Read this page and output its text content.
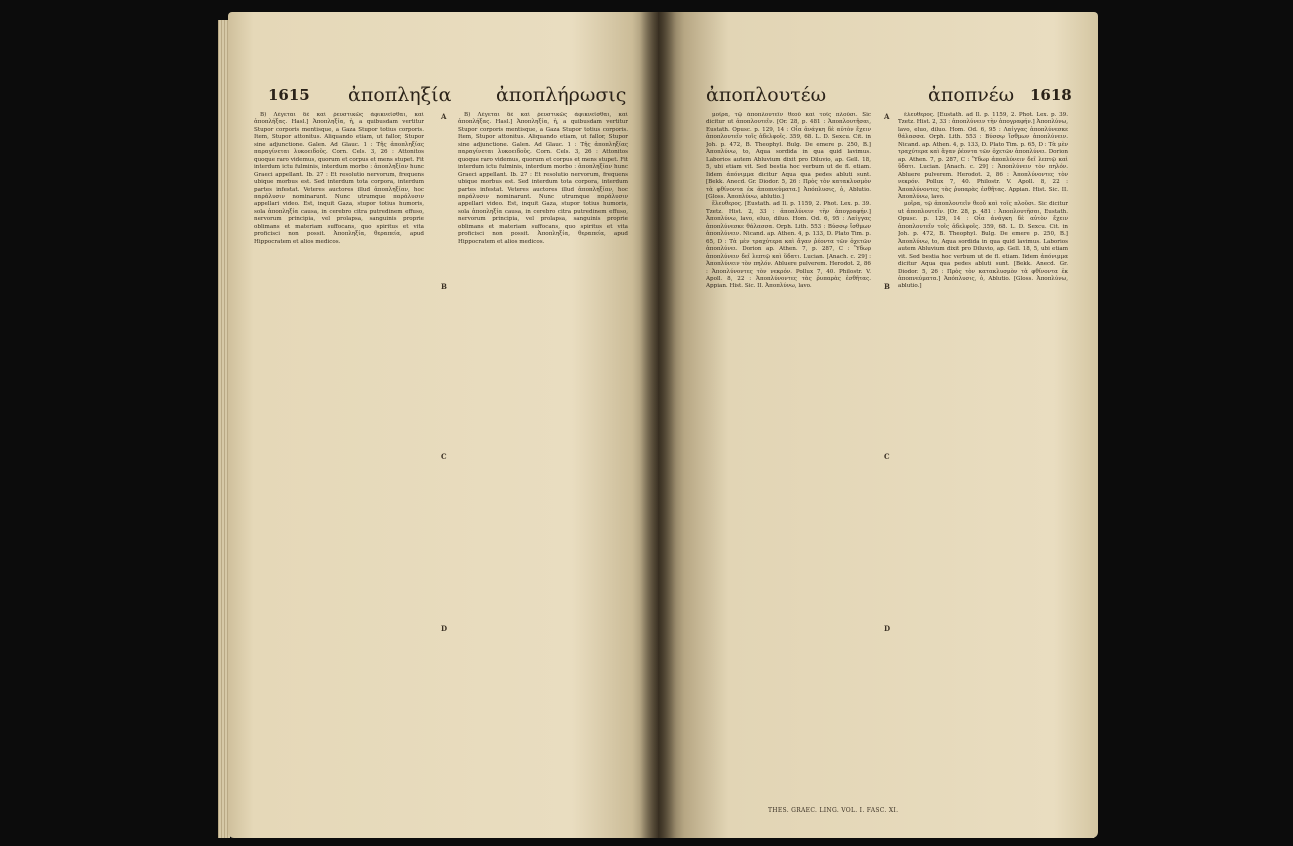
1615 ἀποπληξία ἀποπλήρωσις

Β) Λέγεται δὲ καὶ ῥευστικῶς ἀφικνεῖσθαι, καὶ ἀποπλήξας. Hasl.] Ἀποπληξία, ἡ, a quibusdam vertitur Stupor corporis mentisque, a Gaza Stupor totius corporis. Item, Stupor attonitus. Aliquando etiam, ut fallor, Stupor sine adjunctione. Galen. Ad Glauc. 1 : Τῆς ἀποπληξίας παραγίνεται λυκοειδοῦς. Corn. Cels. 3, 26 : Attonitos quoque raro videmus, quorum et corpus et mens stupet. Fit interdum ictu fulminis, interdum morbo : ἀποπληξίαν hunc Graeci appellant. Ib. 27 : Et resolutio nervorum, frequens ubique morbus est. Sed interdum tota corpora, interdum partes infestat. Veteres auctores illud ἀποπληξίαν, hoc παράλυσιν nominarunt. Nunc utrumque παράλυσιν appellari video. Est, inquit Gaza, stupor totius humoris, sola ἀποπληξία causa, in cerebro citra putredinem effuso, nervorum principia, vel prolapsa, sanguinis proprie oblimans et materiam suffocans, quo spiritus et vita proficisci non possit. Ἀποπληξία, θεραπεία, apud Hippocratem et alios medicos.

Β) Λέγεται δὲ καὶ ῥευστικῶς ἀφικνεῖσθαι, καὶ ἀποπλήξας. Hasl.] Ἀποπληξία, ἡ, a quibusdam vertitur Stupor corporis mentisque, a Gaza Stupor totius corporis. Item, Stupor attonitus. Aliquando etiam, ut fallor, Stupor sine adjunctione. Galen. Ad Glauc. 1 : Τῆς ἀποπληξίας παραγίνεται λυκοειδοῦς. Corn. Cels. 3, 26 : Attonitos quoque raro videmus, quorum et corpus et mens stupet. Fit interdum ictu fulminis, interdum morbo : ἀποπληξίαν hunc Graeci appellant. Ib. 27 : Et resolutio nervorum, frequens ubique morbus est. Sed interdum tota corpora, interdum partes infestat. Veteres auctores illud ἀποπληξίαν, hoc παράλυσιν nominarunt. Nunc utrumque παράλυσιν appellari video. Est, inquit Gaza, stupor totius humoris, sola ἀποπληξία causa, in cerebro citra putredinem effuso, nervorum principia, vel prolapsa, sanguinis proprie oblimans et materiam suffocans, quo spiritus et vita proficisci non possit. Ἀποπληξία, θεραπεία, apud Hippocratem et alios medicos.

A
B
C
D
ἀποπλουτέω	ἀποπνέω 1618

μοῖρα, τῷ ἀποπλουτεῖν θεοῦ καὶ τοῖς πλοῦσι. Sic dicitur ut ἀποπλουτεῖν. [Or. 28, p. 481 : Ἀποπλουτῆσαι, Eustath. Opusc. p. 129, 14 : Οἷα ἀνάγκη δὲ αὐτὸν ἔχειν ἀποπλουτεῖν τοῖς ἀδελφοῖς. 359, 68. L. D. Sexcu. Cit. in Joh. p. 472, B. Theophyl. Bulg. De emere p. 250, B.] Ἀποπλύνω, to, Aqua sordida in qua quid lavimus. Laborios autem Abluvium dixit pro Diluvio, ap. Gell. 18, 5, ubi etiam vit. Sed bestia hoc verbum ut de fl. etiam. Iidem ἀπόνιμμα dicitur Aqua qua pedes abluti sunt. [Bekk. Anecd. Gr. Diodor. 5, 26 : Πρὸς τὸν κατακλυσμὸν τὰ φθίνοντα ἐκ ἀποπνεύματα.] Ἀπόπλυσις, ὁ, Ablutio. [Gloss. Ἀποπλύνω, ablutio.]

ἔλευθερος. [Eustath. ad Il. p. 1159, 2. Phot. Lex. p. 39. Tzetz. Hist. 2, 33 : ἀποπλύνειν τὴν ἀπογραφήν.] Ἀποπλύνω, lavo, eluo, diluo. Hom. Od. 6, 95 : Λαίγγας ἀποπλύνεσκε θάλασσα. Orph. Lith. 553 : Βύσσῳ ἴσθμων ἀποπλύνειν. Nicand. ap. Athen. 4, p. 133, D. Plato Tim. p. 65, D : Τὰ μὲν τραχύτερα καὶ ἄγαν ῥέοντα τῶν ὀχετῶν ἀποπλύνει. Dorion ap. Athen. 7, p. 287, C : Ὕδωρ ἀποπλύνειν δεῖ λεπτῷ καὶ ὕδατι. Lucian. [Anach. c. 29] : Ἀποπλύνειν τὸν πηλόν. Abluere pulverem. Herodot. 2, 86 : Ἀποπλύνοντες τὸν νεκρόν. Pollux 7, 40. Philostr. V. Apoll. 8, 22 : Ἀποπλύνοντες τὰς ῥυπαρὰς ἐσθῆτας. Appian. Hist. Sic. II. Ἀποπλύνω, lavo.

ἔλευθερος. [Eustath. ad Il. p. 1159, 2. Phot. Lex. p. 39. Tzetz. Hist. 2, 33 : ἀποπλύνειν τὴν ἀπογραφήν.] Ἀποπλύνω, lavo, eluo, diluo. Hom. Od. 6, 95 : Λαίγγας ἀποπλύνεσκε θάλασσα. Orph. Lith. 553 : Βύσσῳ ἴσθμων ἀποπλύνειν. Nicand. ap. Athen. 4, p. 133, D. Plato Tim. p. 65, D : Τὰ μὲν τραχύτερα καὶ ἄγαν ῥέοντα τῶν ὀχετῶν ἀποπλύνει. Dorion ap. Athen. 7, p. 287, C : Ὕδωρ ἀποπλύνειν δεῖ λεπτῷ καὶ ὕδατι. Lucian. [Anach. c. 29] : Ἀποπλύνειν τὸν πηλόν. Abluere pulverem. Herodot. 2, 86 : Ἀποπλύνοντες τὸν νεκρόν. Pollux 7, 40. Philostr. V. Apoll. 8, 22 : Ἀποπλύνοντες τὰς ῥυπαρὰς ἐσθῆτας. Appian. Hist. Sic. II. Ἀποπλύνω, lavo.

μοῖρα, τῷ ἀποπλουτεῖν θεοῦ καὶ τοῖς πλοῦσι. Sic dicitur ut ἀποπλουτεῖν. [Or. 28, p. 481 : Ἀποπλουτῆσαι, Eustath. Opusc. p. 129, 14 : Οἷα ἀνάγκη δὲ αὐτὸν ἔχειν ἀποπλουτεῖν τοῖς ἀδελφοῖς. 359, 68. L. D. Sexcu. Cit. in Joh. p. 472, B. Theophyl. Bulg. De emere p. 250, B.] Ἀποπλύνω, to, Aqua sordida in qua quid lavimus. Laborios autem Abluvium dixit pro Diluvio, ap. Gell. 18, 5, ubi etiam vit. Sed bestia hoc verbum ut de fl. etiam. Iidem ἀπόνιμμα dicitur Aqua qua pedes abluti sunt. [Bekk. Anecd. Gr. Diodor. 5, 26 : Πρὸς τὸν κατακλυσμὸν τὰ φθίνοντα ἐκ ἀποπνεύματα.] Ἀπόπλυσις, ὁ, Ablutio. [Gloss. Ἀποπλύνω, ablutio.]

A
B
C
D
THES. GRAEC. LING. VOL. I. FASC. XI.
